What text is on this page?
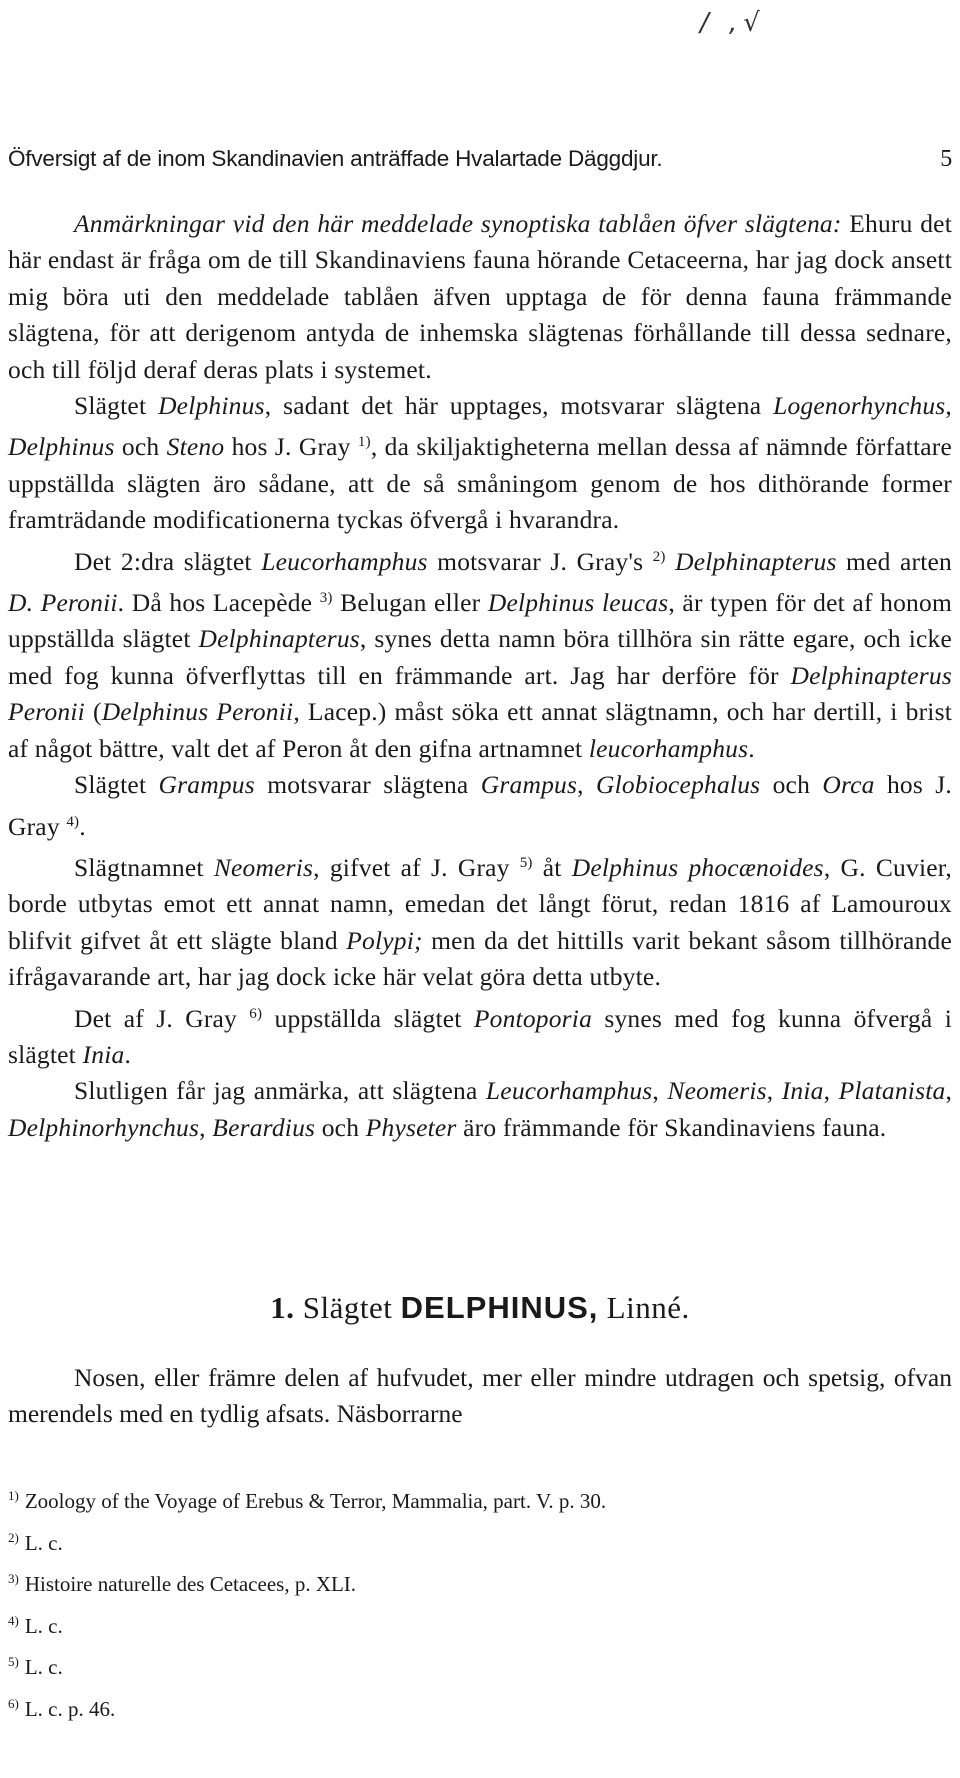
/ ,√
Öfversigt af de inom Skandinavien anträffade Hvalartade Däggdjur.	5

Anmärkningar vid den här meddelade synoptiska tablåen öfver slägtena: Ehuru det här endast är fråga om de till Skandinaviens fauna hörande Cetaceerna, har jag dock ansett mig böra uti den meddelade tablåen äfven upptaga de för denna fauna främmande slägtena, för att derigenom antyda de inhemska slägtenas förhållande till dessa sednare, och till följd deraf deras plats i systemet.

Slägtet Delphinus, sadant det här upptages, motsvarar slägtena Logenorhynchus, Delphinus och Steno hos J. Gray $^{1)}$, da skiljaktigheterna mellan dessa af nämnde författare uppställda slägten äro sådane, att de så småningom genom de hos dithörande former framträdande modificationerna tyckas öfvergå i hvarandra.

Det 2:dra slägtet Leucorhamphus motsvarar J. Gray's $^{2)}$ Delphinapterus med arten D. Peronii. Då hos Lacepède $^{3)}$ Belugan eller Delphinus leucas, är typen för det af honom uppställda slägtet Delphinapterus, synes detta namn böra tillhöra sin rätte egare, och icke med fog kunna öfverflyttas till en främmande art. Jag har derföre för Delphinapterus Peronii (Delphinus Peronii, Lacep.) måst söka ett annat slägtnamn, och har dertill, i brist af något bättre, valt det af Peron åt den gifna artnamnet leucorhamphus.

Slägtet Grampus motsvarar slägtena Grampus, Globiocephalus och Orca hos J. Gray $^{4)}$.

Slägtnamnet Neomeris, gifvet af J. Gray $^{5)}$ åt Delphinus phocænoides, G. Cuvier, borde utbytas emot ett annat namn, emedan det långt förut, redan 1816 af Lamouroux blifvit gifvet åt ett slägte bland Polypi; men da det hittills varit bekant såsom tillhörande ifrågavarande art, har jag dock icke här velat göra detta utbyte.

Det af J. Gray $^{6)}$ uppställda slägtet Pontoporia synes med fog kunna öfvergå i slägtet Inia.

Slutligen får jag anmärka, att slägtena Leucorhamphus, Neomeris, Inia, Platanista, Delphinorhynchus, Berardius och Physeter äro främmande för Skandinaviens fauna.

1. Slägtet DELPHINUS, Linné.

Nosen, eller främre delen af hufvudet, mer eller mindre utdragen och spetsig, ofvan merendels med en tydlig afsats. Näsborrarne

$^{1)}$ Zoology of the Voyage of Erebus & Terror, Mammalia, part. V. p. 30.
$^{2)}$ L. c.
$^{3)}$ Histoire naturelle des Cetacees, p. XLI.
$^{4)}$ L. c.
$^{5)}$ L. c.
$^{6)}$ L. c. p. 46.
